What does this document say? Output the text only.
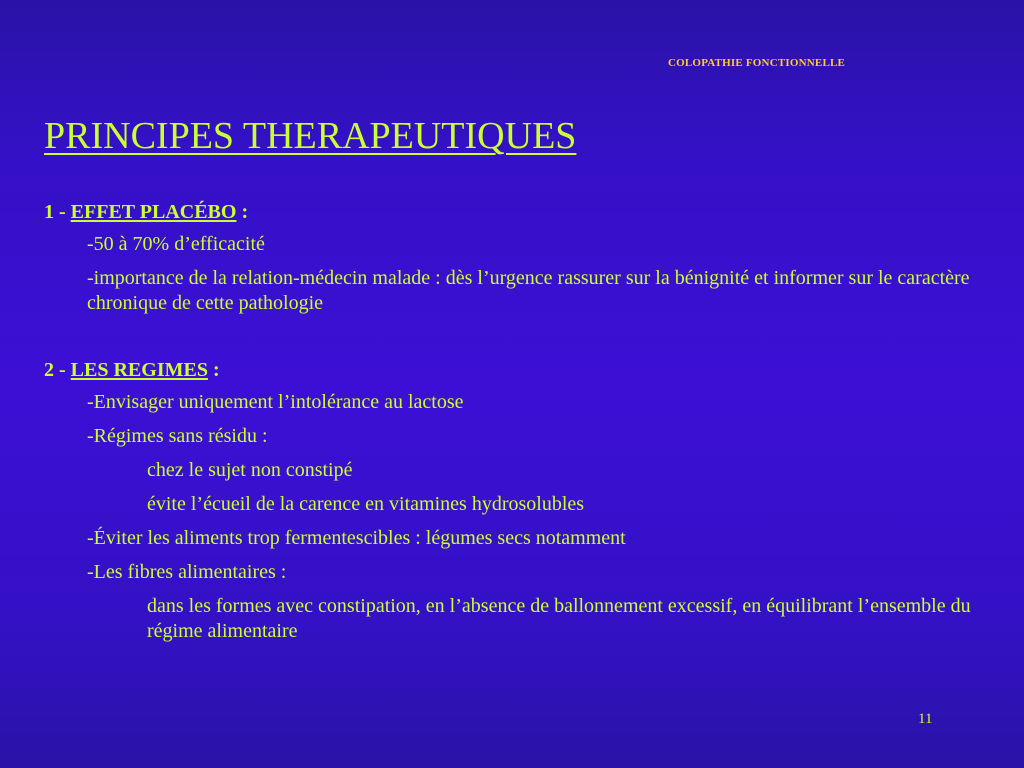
COLOPATHIE FONCTIONNELLE
PRINCIPES THERAPEUTIQUES
1 - EFFET PLACÉBO :
-50 à 70% d’efficacité
-importance de la relation-médecin malade : dès l’urgence rassurer sur la bénignité et informer sur le caractère chronique de cette pathologie
2 - LES REGIMES :
-Envisager uniquement l’intolérance au lactose
-Régimes sans résidu :
chez le sujet non constipé
évite l’écueil de la carence en vitamines hydrosolubles
-Éviter les aliments trop fermentescibles : légumes secs notamment
-Les fibres alimentaires :
dans les formes avec constipation, en l’absence de ballonnement excessif, en équilibrant l’ensemble du régime alimentaire
11
